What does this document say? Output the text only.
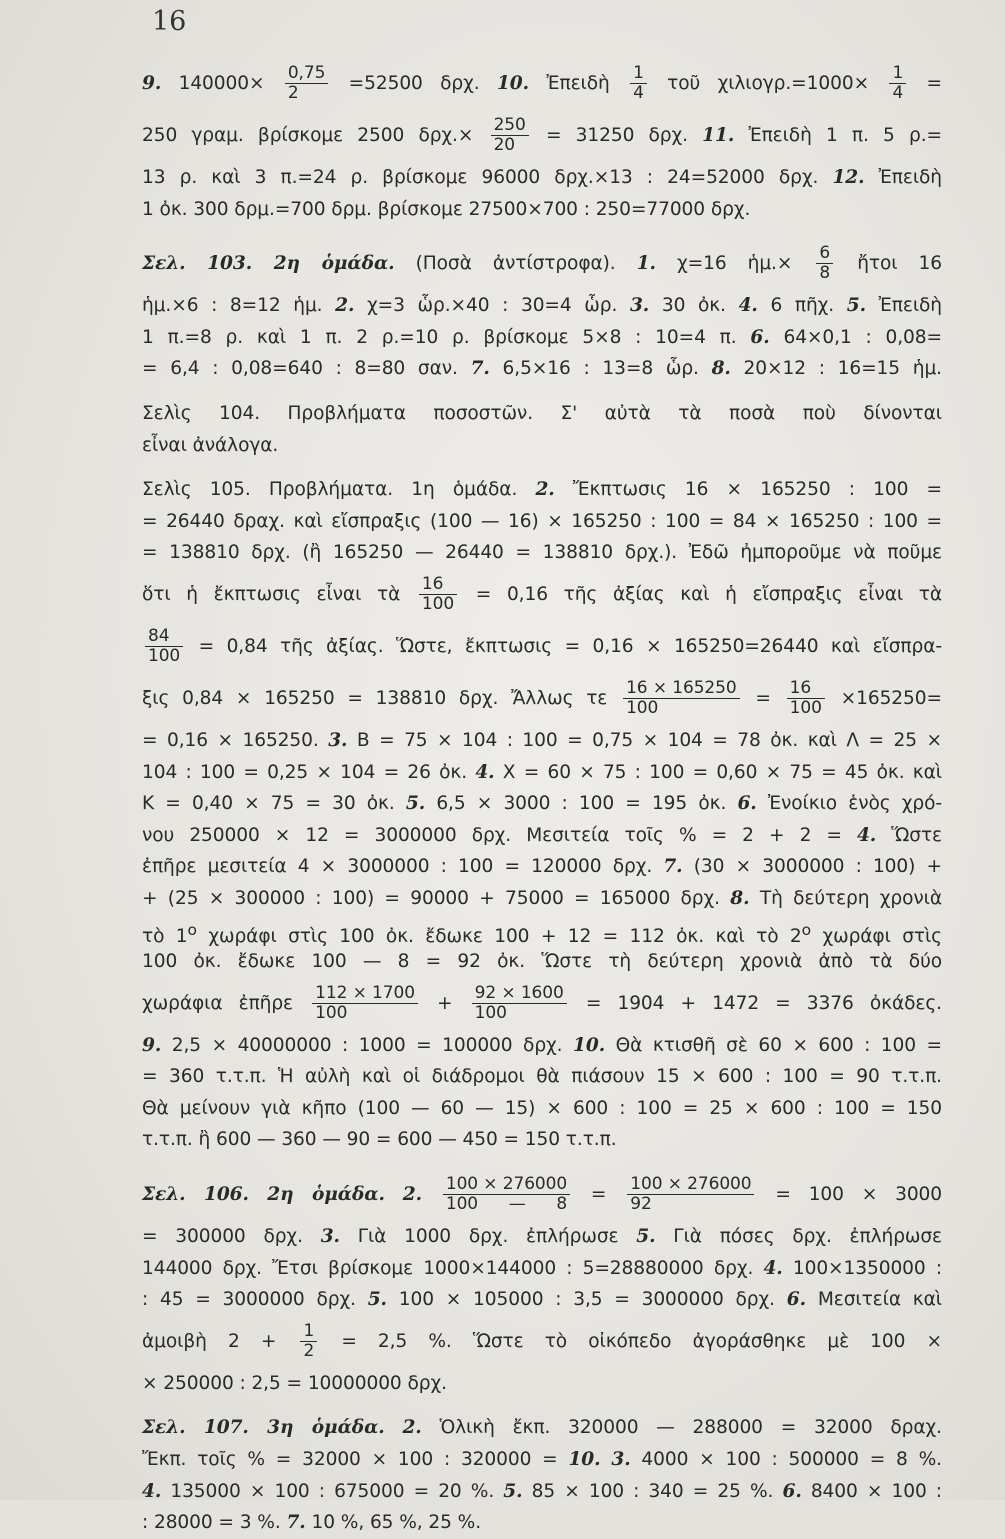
16
9. $140000\times \frac{0,75}{2} =52500$ δρχ. 10. Ἐπειδὴ $\frac{1}{4}$ τοῦ $\chi\iota\lambda\iota o\gamma\rho.=1000\times \frac{1}{4}$ =
250 γραμ. βρίσκομε 2500 $\delta\rho\chi.\times \frac{250}{20} = 31250$ δρχ. 11. Ἐπειδὴ 1 π. 5 ρ.=
13 ρ. καὶ 3 π.=24 ρ. βρίσκομε 96000 δρχ.×13 : 24=52000 δρχ. 12. Ἐπειδὴ
1 ὀκ. 300 δρμ.=700 δρμ. βρίσκομε 27500×700 : 250=77000 δρχ.
Σελ. 103. 2η ὁμάδα. (Ποσὰ ἀντίστροφα). 1. χ=16 ἡμ.× $\frac{6}{8}$ ἤτοι 16
ἡμ.×6 : 8=12 ἡμ. 2. χ=3 ὧρ.×40 : 30=4 ὧρ. 3. 30 ὀκ. 4. 6 πῆχ. 5. Ἐπειδὴ
1 π.=8 ρ. καὶ 1 π. 2 ρ.=10 ρ. βρίσκομε 5×8 : 10=4 π. 6. 64×0,1 : 0,08=
= 6,4 : 0,08=640 : 8=80 σαν. 7. 6,5×16 : 13=8 ὧρ. 8. 20×12 : 16=15 ἡμ.
Σελὶς 104. Προβλήματα ποσοστῶν. Σ' αὐτὰ τὰ ποσὰ ποὺ δίνονται
εἶναι ἀνάλογα.
Σελὶς 105. Προβλήματα. 1η ὁμάδα. 2. Ἔκπτωσις 16 × 165250 : 100 =
= 26440 δραχ. καὶ εἴσπραξις (100 — 16) × 165250 : 100 = 84 × 165250 : 100 =
= 138810 δρχ. (ἢ 165250 — 26440 = 138810 δρχ.). Ἐδῶ ἠμποροῦμε νὰ ποῦμε
ὅτι ἡ ἔκπτωσις εἶναι τὰ $\frac{16}{100} = 0,16$ τῆς ἀξίας καὶ ἡ εἴσπραξις εἶναι τὰ
$\frac{84}{100} = 0,84$ τῆς ἀξίας. Ὥστε, ἔκπτωσις = 0,16 × 165250=26440 καὶ εἴσπρα-
ξις 0,84 × 165250 = 138810 δρχ. Ἄλλως τε $\frac{16 \times 165250}{100} = \frac{16}{100} \times 165250=$
= 0,16 × 165250. 3. Β = 75 × 104 : 100 = 0,75 × 104 = 78 ὀκ. καὶ Λ = 25 ×
104 : 100 = 0,25 × 104 = 26 ὀκ. 4. Χ = 60 × 75 : 100 = 0,60 × 75 = 45 ὀκ. καὶ
Κ = 0,40 × 75 = 30 ὀκ. 5. 6,5 × 3000 : 100 = 195 ὀκ. 6. Ἐνοίκιο ἑνὸς χρό-
νου 250000 × 12 = 3000000 δρχ. Μεσιτεία τοῖς % = 2 + 2 = 4. Ὥστε
ἐπῆρε μεσιτεία 4 × 3000000 : 100 = 120000 δρχ. 7. (30 × 3000000 : 100) +
+ (25 × 300000 : 100) = 90000 + 75000 = 165000 δρχ. 8. Τὴ δεύτερη χρονιὰ
τὸ $1^o$ χωράφι στὶς 100 ὀκ. ἔδωκε 100 + 12 = 112 ὀκ. καὶ τὸ $2^o$ χωράφι στὶς
100 ὀκ. ἔδωκε 100 — 8 = 92 ὀκ. Ὥστε τὴ δεύτερη χρονιὰ ἀπὸ τὰ δύο
χωράφια ἐπῆρε $\frac{112 \times 1700}{100} + \frac{92 \times 1600}{100} = 1904 + 1472 = 3376$ ὀκάδες.
9. 2,5 × 40000000 : 1000 = 100000 δρχ. 10. Θὰ κτισθῆ σὲ 60 × 600 : 100 =
= 360 τ.τ.π. Ἡ αὐλὴ καὶ οἱ διάδρομοι θὰ πιάσουν 15 × 600 : 100 = 90 τ.τ.π.
Θὰ μείνουν γιὰ κῆπο (100 — 60 — 15) × 600 : 100 = 25 × 600 : 100 = 150
τ.τ.π. ἢ 600 — 360 — 90 = 600 — 450 = 150 τ.τ.π.
Σελ. 106. 2η ὁμάδα. 2. $\frac{100 \times 276000}{100 — 8} = \frac{100 \times 276000}{92} = 100 \times 3000$
= 300000 δρχ. 3. Γιὰ 1000 δρχ. ἐπλήρωσε 5. Γιὰ πόσες δρχ. ἐπλήρωσε
144000 δρχ. Ἔτσι βρίσκομε 1000×144000 : 5=28880000 δρχ. 4. 100×1350000 :
: 45 = 3000000 δρχ. 5. 100 × 105000 : 3,5 = 3000000 δρχ. 6. Μεσιτεία καὶ
ἀμοιβὴ $2 + \frac{1}{2} = 2,5$ %. Ὥστε τὸ οἰκόπεδο ἀγοράσθηκε μὲ 100 ×
× 250000 : 2,5 = 10000000 δρχ.
Σελ. 107. 3η ὁμάδα. 2. Ὁλικὴ ἔκπ. 320000 — 288000 = 32000 δραχ.
Ἔκπ. τοῖς % = 32000 × 100 : 320000 = 10. 3. 4000 × 100 : 500000 = 8 %.
4. 135000 × 100 : 675000 = 20 %. 5. 85 × 100 : 340 = 25 %. 6. 8400 × 100 :
: 28000 = 3 %. 7. 10 %, 65 %, 25 %.
